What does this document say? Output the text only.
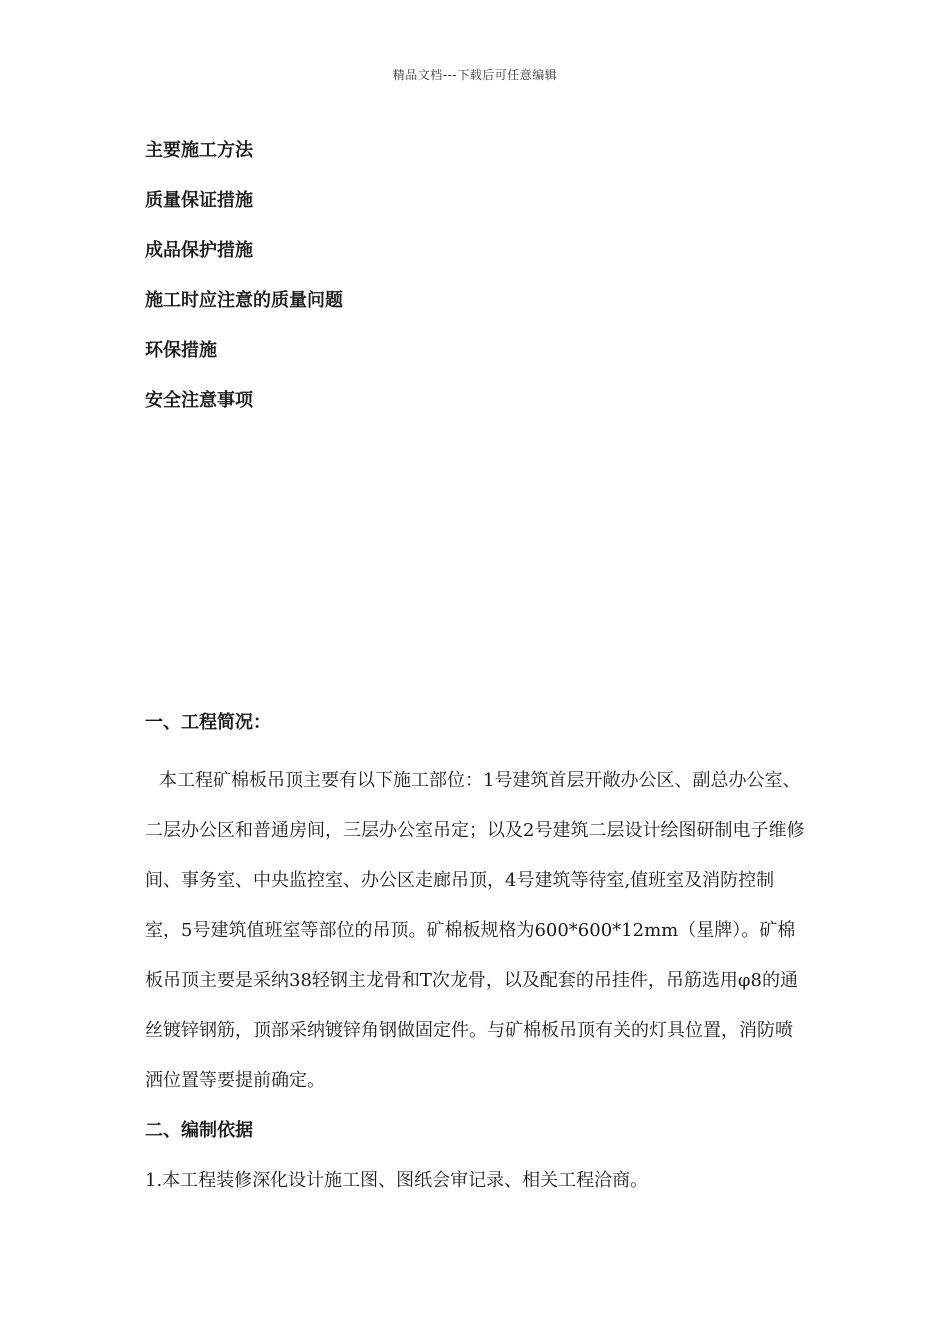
精品文档---下载后可任意编辑
主要施工方法
质量保证措施
成品保护措施
施工时应注意的质量问题
环保措施
安全注意事项
一、工程简况：

本工程矿棉板吊顶主要有以下施工部位：1号建筑首层开敞办公区、副总办公室、二层办公区和普通房间，三层办公室吊定；以及2号建筑二层设计绘图研制电子维修间、事务室、中央监控室、办公区走廊吊顶，4号建筑等待室,值班室及消防控制室，5号建筑值班室等部位的吊顶。矿棉板规格为600*600*12mm（星牌）。矿棉板吊顶主要是采纳38轻钢主龙骨和T次龙骨，以及配套的吊挂件，吊筋选用φ8的通丝镀锌钢筋，顶部采纳镀锌角钢做固定件。与矿棉板吊顶有关的灯具位置，消防喷洒位置等要提前确定。

二、编制依据

1.本工程装修深化设计施工图、图纸会审记录、相关工程洽商。
